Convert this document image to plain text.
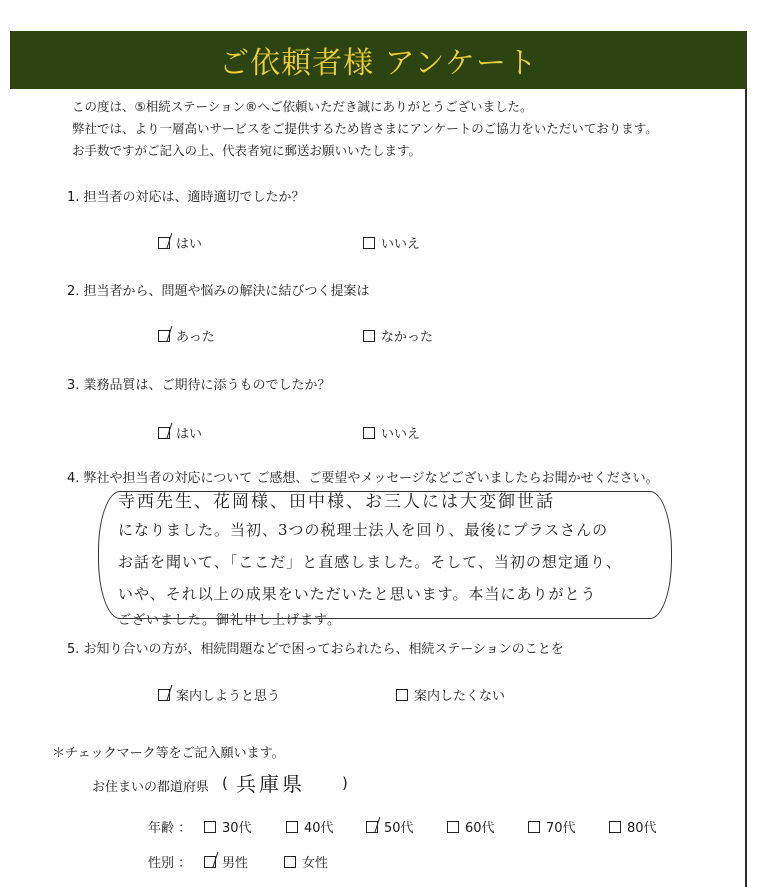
ご依頼者様 アンケート
この度は、⑤相続ステーション®へご依頼いただき誠にありがとうございました。
弊社では、より一層高いサービスをご提供するため皆さまにアンケートのご協力をいただいております。
お手数ですがご記入の上、代表者宛に郵送お願いいたします。
1. 担当者の対応は、適時適切でしたか？
はい	いいえ
2. 担当者から、問題や悩みの解決に結びつく提案は
あった	なかった
3. 業務品質は、ご期待に添うものでしたか？
はい	いいえ
4. 弊社や担当者の対応について ご感想、ご要望やメッセージなどございましたらお聞かせください。
寺西先生、花岡様、田中様、お三人には大変御世話
になりました。当初、3つの税理士法人を回り、最後にプラスさんの
お話を聞いて、「ここだ」と直感しました。そして、当初の想定通り、
いや、それ以上の成果をいただいたと思います。本当にありがとう
ございました。御礼申し上げます。
5. お知り合いの方が、相続問題などで困っておられたら、相続ステーションのことを
案内しようと思う	案内したくない
＊チェックマーク等をご記入願います。
お住まいの都道府県 ( 兵庫県 )
年齢 ： 30代	40代	50代	60代	70代	80代
性別 ： 男性	女性
